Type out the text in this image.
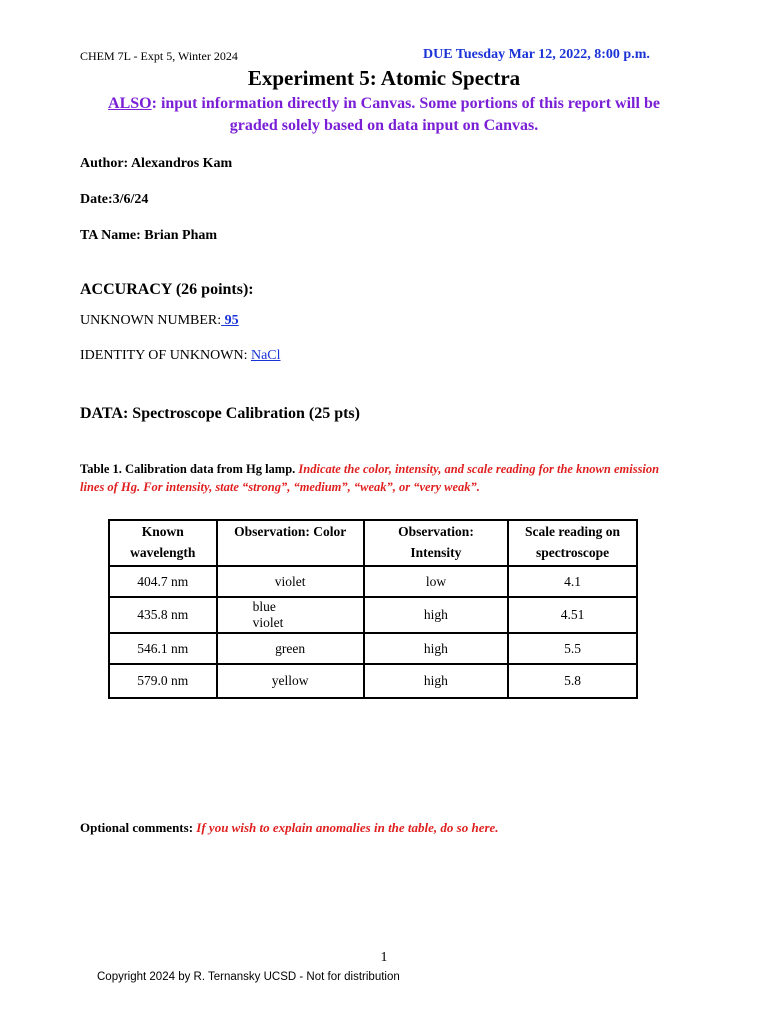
CHEM 7L - Expt 5, Winter 2024	DUE Tuesday Mar 12, 2022, 8:00 p.m.
Experiment 5: Atomic Spectra
ALSO: input information directly in Canvas. Some portions of this report will be
graded solely based on data input on Canvas.
Author: Alexandros Kam
Date:3/6/24
TA Name: Brian Pham
ACCURACY (26 points):
UNKNOWN NUMBER: 95
IDENTITY OF UNKNOWN: NaCl
DATA: Spectroscope Calibration (25 pts)
Table 1. Calibration data from Hg lamp. Indicate the color, intensity, and scale reading for the known emission lines of Hg. For intensity, state “strong”, “medium”, “weak”, or “very weak”.
Known wavelength	Observation: Color	Observation: Intensity	Scale reading on spectroscope

404.7 nm	violet	low	4.1
435.8 nm	blue violet	high	4.51
546.1 nm	green	high	5.5
579.0 nm	yellow	high	5.8
Optional comments: If you wish to explain anomalies in the table, do so here.
1
Copyright 2024 by R. Ternansky UCSD - Not for distribution
